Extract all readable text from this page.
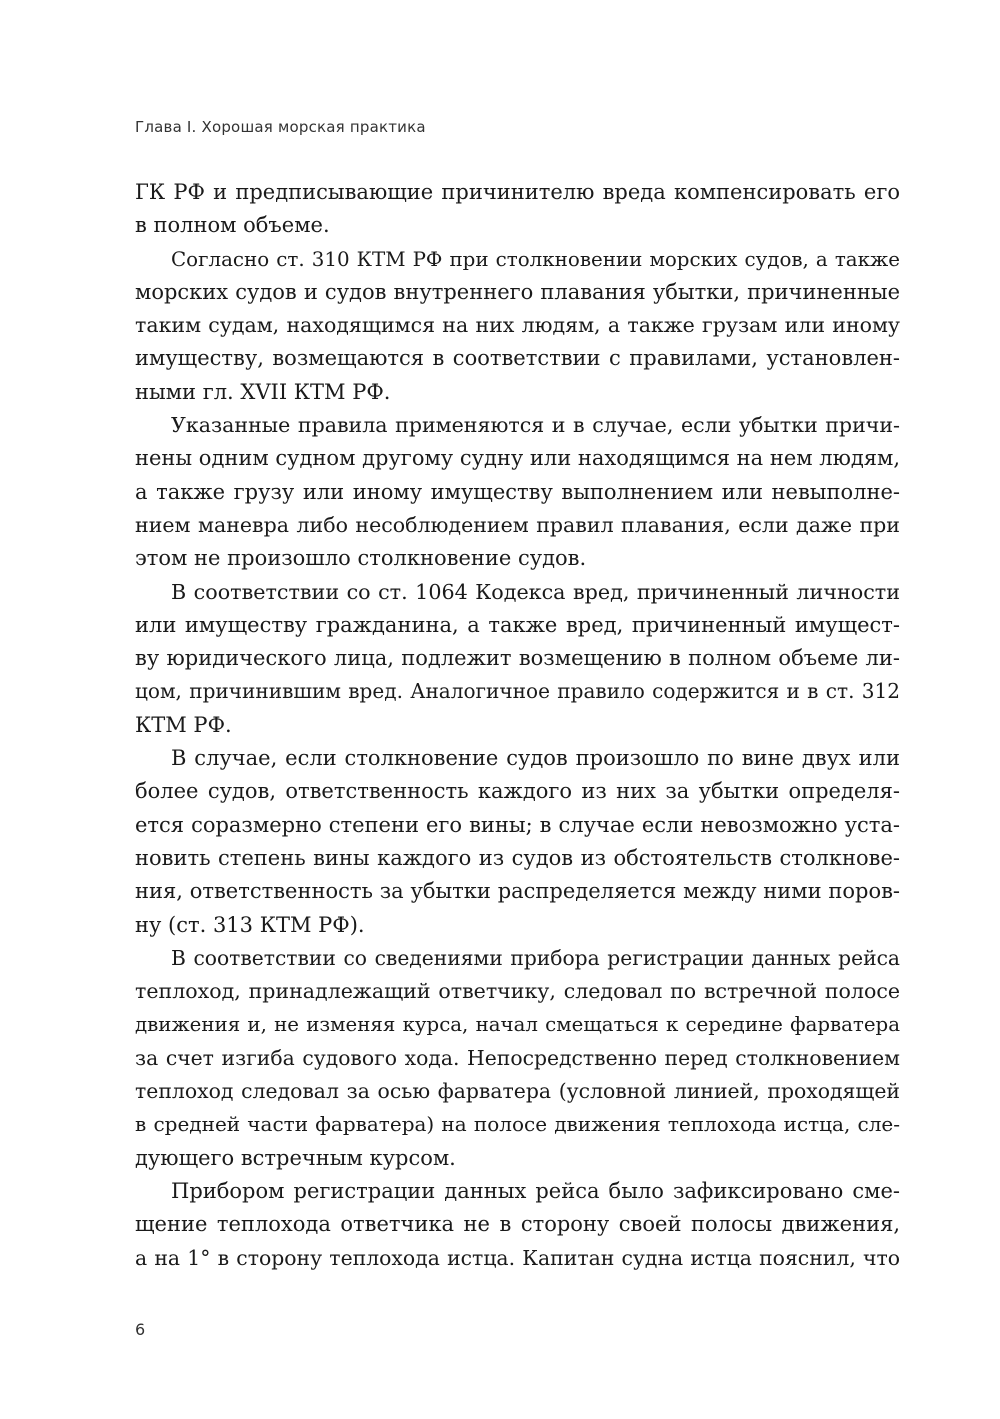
Глава I. Хорошая морская практика
ГК РФ и предписывающие причинителю вреда компенсировать его
в полном объеме.
Согласно ст. 310 КТМ РФ при столкновении морских судов, а также
морских судов и судов внутреннего плавания убытки, причиненные
таким судам, находящимся на них людям, а также грузам или иному
имуществу, возмещаются в соответствии с правилами, установлен-
ными гл. XVII КТМ РФ.
Указанные правила применяются и в случае, если убытки причи-
нены одним судном другому судну или находящимся на нем людям,
а также грузу или иному имуществу выполнением или невыполне-
нием маневра либо несоблюдением правил плавания, если даже при
этом не произошло столкновение судов.
В соответствии со ст. 1064 Кодекса вред, причиненный личности
или имуществу гражданина, а также вред, причиненный имущест-
ву юридического лица, подлежит возмещению в полном объеме ли-
цом, причинившим вред. Аналогичное правило содержится и в ст. 312
КТМ РФ.
В случае, если столкновение судов произошло по вине двух или
более судов, ответственность каждого из них за убытки определя-
ется соразмерно степени его вины; в случае если невозможно уста-
новить степень вины каждого из судов из обстоятельств столкнове-
ния, ответственность за убытки распределяется между ними поров-
ну (ст. 313 КТМ РФ).
В соответствии со сведениями прибора регистрации данных рейса
теплоход, принадлежащий ответчику, следовал по встречной полосе
движения и, не изменяя курса, начал смещаться к середине фарватера
за счет изгиба судового хода. Непосредственно перед столкновением
теплоход следовал за осью фарватера (условной линией, проходящей
в средней части фарватера) на полосе движения теплохода истца, сле-
дующего встречным курсом.
Прибором регистрации данных рейса было зафиксировано сме-
щение теплохода ответчика не в сторону своей полосы движения,
а на 1° в сторону теплохода истца. Капитан судна истца пояснил, что
6
